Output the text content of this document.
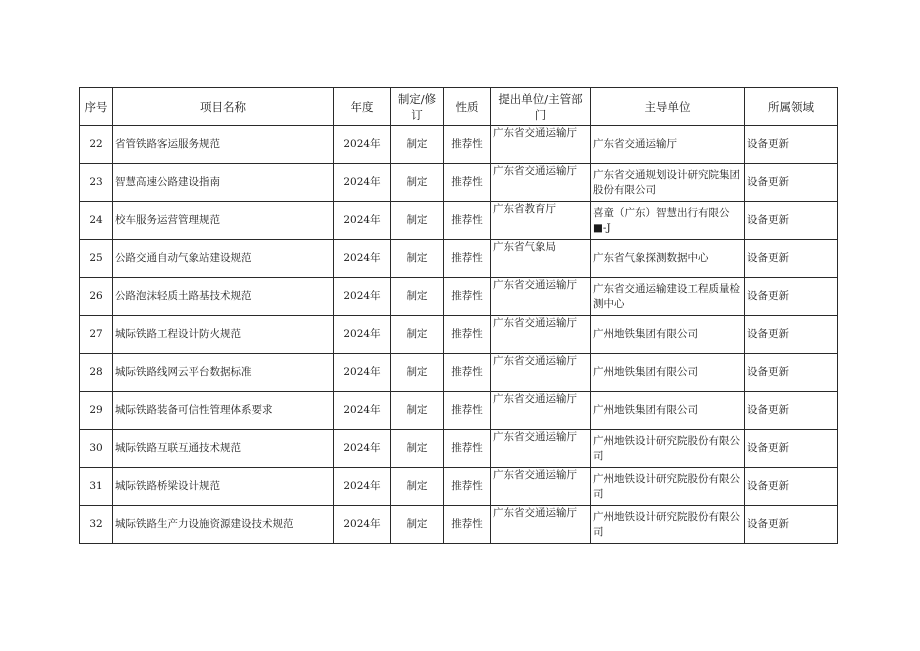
序号	项目名称	年度	制定/修订	性质	提出单位/主管部门	主导单位	所属领域
22	省管铁路客运服务规范	2024年	制定	推荐性	广东省交通运输厅	广东省交通运输厅	设备更新
23	智慧高速公路建设指南	2024年	制定	推荐性	广东省交通运输厅	广东省交通规划设计研究院集团股份有限公司	设备更新
24	校车服务运营管理规范	2024年	制定	推荐性	广东省教育厅	喜童（广东）智慧出行有限公 ■-J	设备更新
25	公路交通自动气象站建设规范	2024年	制定	推荐性	广东省气象局	广东省气象探测数据中心	设备更新
26	公路泡沫轻质土路基技术规范	2024年	制定	推荐性	广东省交通运输厅	广东省交通运输建设工程质量检测中心	设备更新
27	城际铁路工程设计防火规范	2024年	制定	推荐性	广东省交通运输厅	广州地铁集团有限公司	设备更新
28	城际铁路线网云平台数据标准	2024年	制定	推荐性	广东省交通运输厅	广州地铁集团有限公司	设备更新
29	城际铁路装备可信性管理体系要求	2024年	制定	推荐性	广东省交通运输厅	广州地铁集团有限公司	设备更新
30	城际铁路互联互通技术规范	2024年	制定	推荐性	广东省交通运输厅	广州地铁设计研究院股份有限公司	设备更新
31	城际铁路桥梁设计规范	2024年	制定	推荐性	广东省交通运输厅	广州地铁设计研究院股份有限公司	设备更新
32	城际铁路生产力设施资源建设技术规范	2024年	制定	推荐性	广东省交通运输厅	广州地铁设计研究院股份有限公司	设备更新
